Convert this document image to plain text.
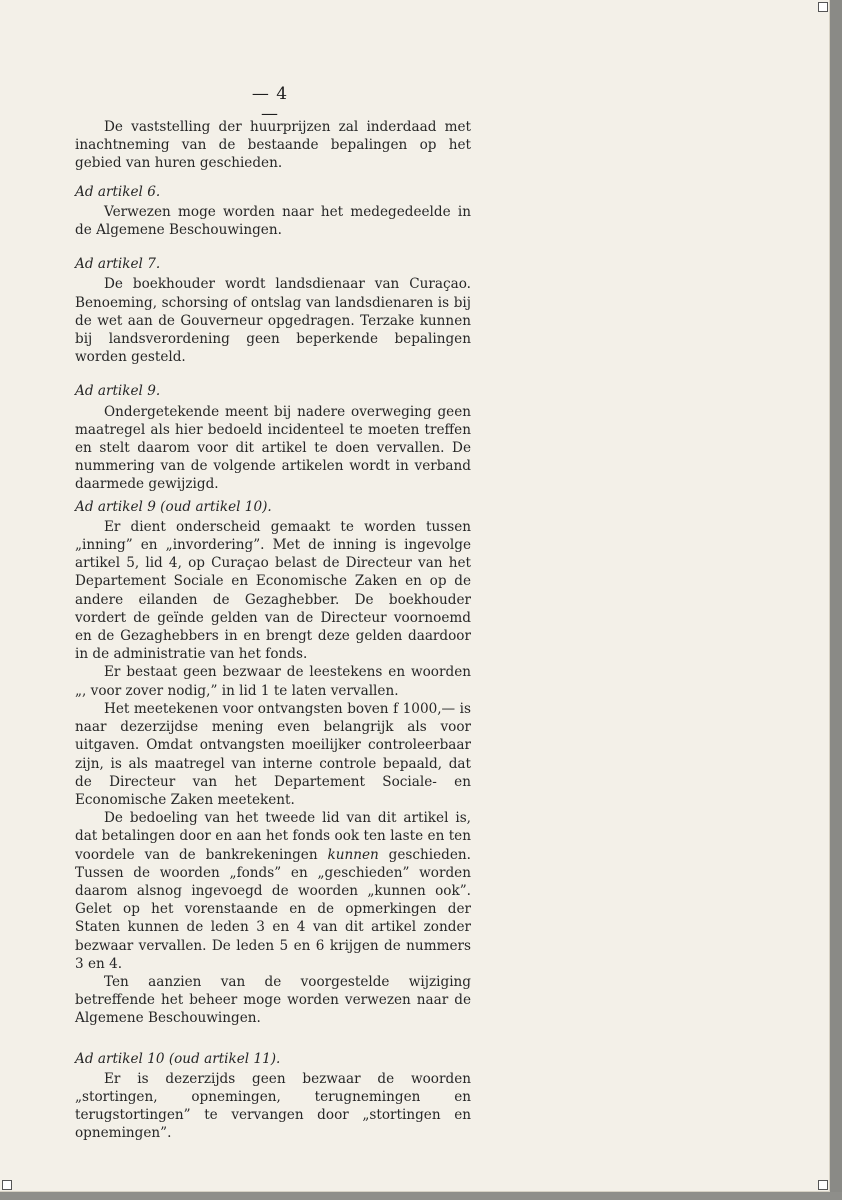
— 4 —

De vaststelling der huurprijzen zal inderdaad met inachtneming van de bestaande bepalingen op het gebied van huren geschieden.

Ad artikel 6.

Verwezen moge worden naar het medegedeelde in de Algemene Beschouwingen.

Ad artikel 7.

De boekhouder wordt landsdienaar van Curaçao. Benoeming, schorsing of ontslag van landsdienaren is bij de wet aan de Gouverneur opgedragen. Terzake kunnen bij landsverordening geen beperkende bepalingen worden gesteld.

Ad artikel 9.

Ondergetekende meent bij nadere overweging geen maatregel als hier bedoeld incidenteel te moeten treffen en stelt daarom voor dit artikel te doen vervallen. De nummering van de volgende artikelen wordt in verband daarmede gewijzigd.

Ad artikel 9 (oud artikel 10).

Er dient onderscheid gemaakt te worden tussen „inning” en „invordering”. Met de inning is ingevolge artikel 5, lid 4, op Curaçao belast de Directeur van het Departement Sociale en Economische Zaken en op de andere eilanden de Gezaghebber. De boekhouder vordert de geïnde gelden van de Directeur voornoemd en de Gezaghebbers in en brengt deze gelden daardoor in de administratie van het fonds.

Er bestaat geen bezwaar de leestekens en woorden „, voor zover nodig,” in lid 1 te laten vervallen.

Het meetekenen voor ontvangsten boven f 1000,— is naar dezerzijdse mening even belangrijk als voor uitgaven. Omdat ontvangsten moeilijker controleerbaar zijn, is als maatregel van interne controle bepaald, dat de Directeur van het Departement Sociale- en Economische Zaken meetekent.

De bedoeling van het tweede lid van dit artikel is, dat betalingen door en aan het fonds ook ten laste en ten voordele van de bankrekeningen kunnen geschieden. Tussen de woorden „fonds” en „geschieden” worden daarom alsnog ingevoegd de woorden „kunnen ook”. Gelet op het vorenstaande en de opmerkingen der Staten kunnen de leden 3 en 4 van dit artikel zonder bezwaar vervallen. De leden 5 en 6 krijgen de nummers 3 en 4.

Ten aanzien van de voorgestelde wijziging betreffende het beheer moge worden verwezen naar de Algemene Beschouwingen.

Ad artikel 10 (oud artikel 11).

Er is dezerzijds geen bezwaar de woorden „stortingen, opnemingen, terugnemingen en terugstortingen” te vervangen door „stortingen en opnemingen”.
